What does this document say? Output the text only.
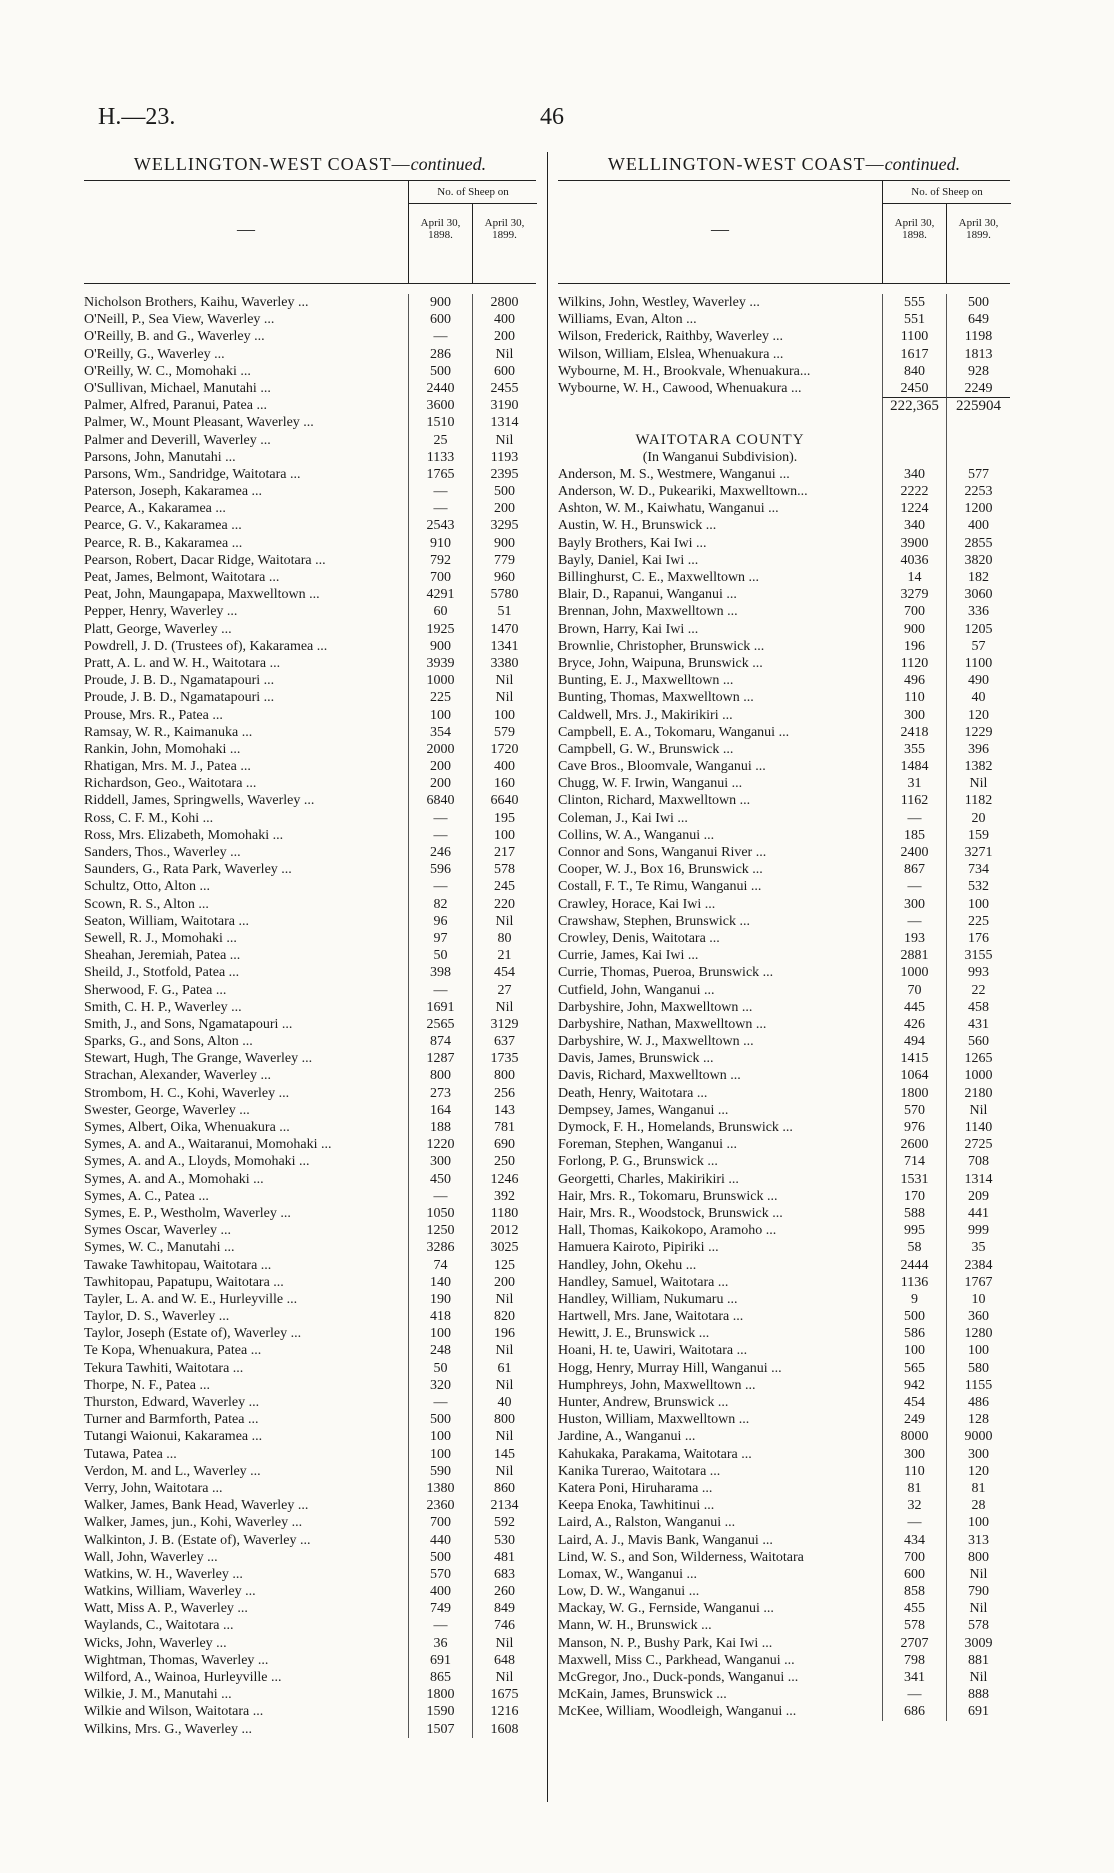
H.—23.	46
WELLINGTON-WEST COAST—continued.
—
No. of Sheep on
April 30,
1898.
April 30,
1899.
Nicholson Brothers, Kaihu, Waverley ...	900	2800
O'Neill, P., Sea View, Waverley ...	600	400
O'Reilly, B. and G., Waverley ...	—	200
O'Reilly, G., Waverley ...	286	Nil
O'Reilly, W. C., Momohaki ...	500	600
O'Sullivan, Michael, Manutahi ...	2440	2455
Palmer, Alfred, Paranui, Patea ...	3600	3190
Palmer, W., Mount Pleasant, Waverley ...	1510	1314
Palmer and Deverill, Waverley ...	25	Nil
Parsons, John, Manutahi ...	1133	1193
Parsons, Wm., Sandridge, Waitotara ...	1765	2395
Paterson, Joseph, Kakaramea ...	—	500
Pearce, A., Kakaramea ...	—	200
Pearce, G. V., Kakaramea ...	2543	3295
Pearce, R. B., Kakaramea ...	910	900
Pearson, Robert, Dacar Ridge, Waitotara ...	792	779
Peat, James, Belmont, Waitotara ...	700	960
Peat, John, Maungapapa, Maxwelltown ...	4291	5780
Pepper, Henry, Waverley ...	60	51
Platt, George, Waverley ...	1925	1470
Powdrell, J. D. (Trustees of), Kakaramea ...	900	1341
Pratt, A. L. and W. H., Waitotara ...	3939	3380
Proude, J. B. D., Ngamatapouri ...	1000	Nil
Proude, J. B. D., Ngamatapouri ...	225	Nil
Prouse, Mrs. R., Patea ...	100	100
Ramsay, W. R., Kaimanuka ...	354	579
Rankin, John, Momohaki ...	2000	1720
Rhatigan, Mrs. M. J., Patea ...	200	400
Richardson, Geo., Waitotara ...	200	160
Riddell, James, Springwells, Waverley ...	6840	6640
Ross, C. F. M., Kohi ...	—	195
Ross, Mrs. Elizabeth, Momohaki ...	—	100
Sanders, Thos., Waverley ...	246	217
Saunders, G., Rata Park, Waverley ...	596	578
Schultz, Otto, Alton ...	—	245
Scown, R. S., Alton ...	82	220
Seaton, William, Waitotara ...	96	Nil
Sewell, R. J., Momohaki ...	97	80
Sheahan, Jeremiah, Patea ...	50	21
Sheild, J., Stotfold, Patea ...	398	454
Sherwood, F. G., Patea ...	—	27
Smith, C. H. P., Waverley ...	1691	Nil
Smith, J., and Sons, Ngamatapouri ...	2565	3129
Sparks, G., and Sons, Alton ...	874	637
Stewart, Hugh, The Grange, Waverley ...	1287	1735
Strachan, Alexander, Waverley ...	800	800
Strombom, H. C., Kohi, Waverley ...	273	256
Swester, George, Waverley ...	164	143
Symes, Albert, Oika, Whenuakura ...	188	781
Symes, A. and A., Waitaranui, Momohaki ...	1220	690
Symes, A. and A., Lloyds, Momohaki ...	300	250
Symes, A. and A., Momohaki ...	450	1246
Symes, A. C., Patea ...	—	392
Symes, E. P., Westholm, Waverley ...	1050	1180
Symes Oscar, Waverley ...	1250	2012
Symes, W. C., Manutahi ...	3286	3025
Tawake Tawhitopau, Waitotara ...	74	125
Tawhitopau, Papatupu, Waitotara ...	140	200
Tayler, L. A. and W. E., Hurleyville ...	190	Nil
Taylor, D. S., Waverley ...	418	820
Taylor, Joseph (Estate of), Waverley ...	100	196
Te Kopa, Whenuakura, Patea ...	248	Nil
Tekura Tawhiti, Waitotara ...	50	61
Thorpe, N. F., Patea ...	320	Nil
Thurston, Edward, Waverley ...	—	40
Turner and Barmforth, Patea ...	500	800
Tutangi Waionui, Kakaramea ...	100	Nil
Tutawa, Patea ...	100	145
Verdon, M. and L., Waverley ...	590	Nil
Verry, John, Waitotara ...	1380	860
Walker, James, Bank Head, Waverley ...	2360	2134
Walker, James, jun., Kohi, Waverley ...	700	592
Walkinton, J. B. (Estate of), Waverley ...	440	530
Wall, John, Waverley ...	500	481
Watkins, W. H., Waverley ...	570	683
Watkins, William, Waverley ...	400	260
Watt, Miss A. P., Waverley ...	749	849
Waylands, C., Waitotara ...	—	746
Wicks, John, Waverley ...	36	Nil
Wightman, Thomas, Waverley ...	691	648
Wilford, A., Wainoa, Hurleyville ...	865	Nil
Wilkie, J. M., Manutahi ...	1800	1675
Wilkie and Wilson, Waitotara ...	1590	1216
Wilkins, Mrs. G., Waverley ...	1507	1608
WELLINGTON-WEST COAST—continued.
—
No. of Sheep on
April 30,
1898.
April 30,
1899.
Wilkins, John, Westley, Waverley ...	555	500
Williams, Evan, Alton ...	551	649
Wilson, Frederick, Raithby, Waverley ...	1100	1198
Wilson, William, Elslea, Whenuakura ...	1617	1813
Wybourne, M. H., Brookvale, Whenuakura...	840	928
Wybourne, W. H., Cawood, Whenuakura ...	2450	2249
222,365	225904
WAITOTARA COUNTY
(In Wanganui Subdivision).
Anderson, M. S., Westmere, Wanganui ...	340	577
Anderson, W. D., Pukeariki, Maxwelltown...	2222	2253
Ashton, W. M., Kaiwhatu, Wanganui ...	1224	1200
Austin, W. H., Brunswick ...	340	400
Bayly Brothers, Kai Iwi ...	3900	2855
Bayly, Daniel, Kai Iwi ...	4036	3820
Billinghurst, C. E., Maxwelltown ...	14	182
Blair, D., Rapanui, Wanganui ...	3279	3060
Brennan, John, Maxwelltown ...	700	336
Brown, Harry, Kai Iwi ...	900	1205
Brownlie, Christopher, Brunswick ...	196	57
Bryce, John, Waipuna, Brunswick ...	1120	1100
Bunting, E. J., Maxwelltown ...	496	490
Bunting, Thomas, Maxwelltown ...	110	40
Caldwell, Mrs. J., Makirikiri ...	300	120
Campbell, E. A., Tokomaru, Wanganui ...	2418	1229
Campbell, G. W., Brunswick ...	355	396
Cave Bros., Bloomvale, Wanganui ...	1484	1382
Chugg, W. F. Irwin, Wanganui ...	31	Nil
Clinton, Richard, Maxwelltown ...	1162	1182
Coleman, J., Kai Iwi ...	—	20
Collins, W. A., Wanganui ...	185	159
Connor and Sons, Wanganui River ...	2400	3271
Cooper, W. J., Box 16, Brunswick ...	867	734
Costall, F. T., Te Rimu, Wanganui ...	—	532
Crawley, Horace, Kai Iwi ...	300	100
Crawshaw, Stephen, Brunswick ...	—	225
Crowley, Denis, Waitotara ...	193	176
Currie, James, Kai Iwi ...	2881	3155
Currie, Thomas, Pueroa, Brunswick ...	1000	993
Cutfield, John, Wanganui ...	70	22
Darbyshire, John, Maxwelltown ...	445	458
Darbyshire, Nathan, Maxwelltown ...	426	431
Darbyshire, W. J., Maxwelltown ...	494	560
Davis, James, Brunswick ...	1415	1265
Davis, Richard, Maxwelltown ...	1064	1000
Death, Henry, Waitotara ...	1800	2180
Dempsey, James, Wanganui ...	570	Nil
Dymock, F. H., Homelands, Brunswick ...	976	1140
Foreman, Stephen, Wanganui ...	2600	2725
Forlong, P. G., Brunswick ...	714	708
Georgetti, Charles, Makirikiri ...	1531	1314
Hair, Mrs. R., Tokomaru, Brunswick ...	170	209
Hair, Mrs. R., Woodstock, Brunswick ...	588	441
Hall, Thomas, Kaikokopo, Aramoho ...	995	999
Hamuera Kairoto, Pipiriki ...	58	35
Handley, John, Okehu ...	2444	2384
Handley, Samuel, Waitotara ...	1136	1767
Handley, William, Nukumaru ...	9	10
Hartwell, Mrs. Jane, Waitotara ...	500	360
Hewitt, J. E., Brunswick ...	586	1280
Hoani, H. te, Uawiri, Waitotara ...	100	100
Hogg, Henry, Murray Hill, Wanganui ...	565	580
Humphreys, John, Maxwelltown ...	942	1155
Hunter, Andrew, Brunswick ...	454	486
Huston, William, Maxwelltown ...	249	128
Jardine, A., Wanganui ...	8000	9000
Kahukaka, Parakama, Waitotara ...	300	300
Kanika Turerao, Waitotara ...	110	120
Katera Poni, Hiruharama ...	81	81
Keepa Enoka, Tawhitinui ...	32	28
Laird, A., Ralston, Wanganui ...	—	100
Laird, A. J., Mavis Bank, Wanganui ...	434	313
Lind, W. S., and Son, Wilderness, Waitotara	700	800
Lomax, W., Wanganui ...	600	Nil
Low, D. W., Wanganui ...	858	790
Mackay, W. G., Fernside, Wanganui ...	455	Nil
Mann, W. H., Brunswick ...	578	578
Manson, N. P., Bushy Park, Kai Iwi ...	2707	3009
Maxwell, Miss C., Parkhead, Wanganui ...	798	881
McGregor, Jno., Duck-ponds, Wanganui ...	341	Nil
McKain, James, Brunswick ...	—	888
McKee, William, Woodleigh, Wanganui ...	686	691
